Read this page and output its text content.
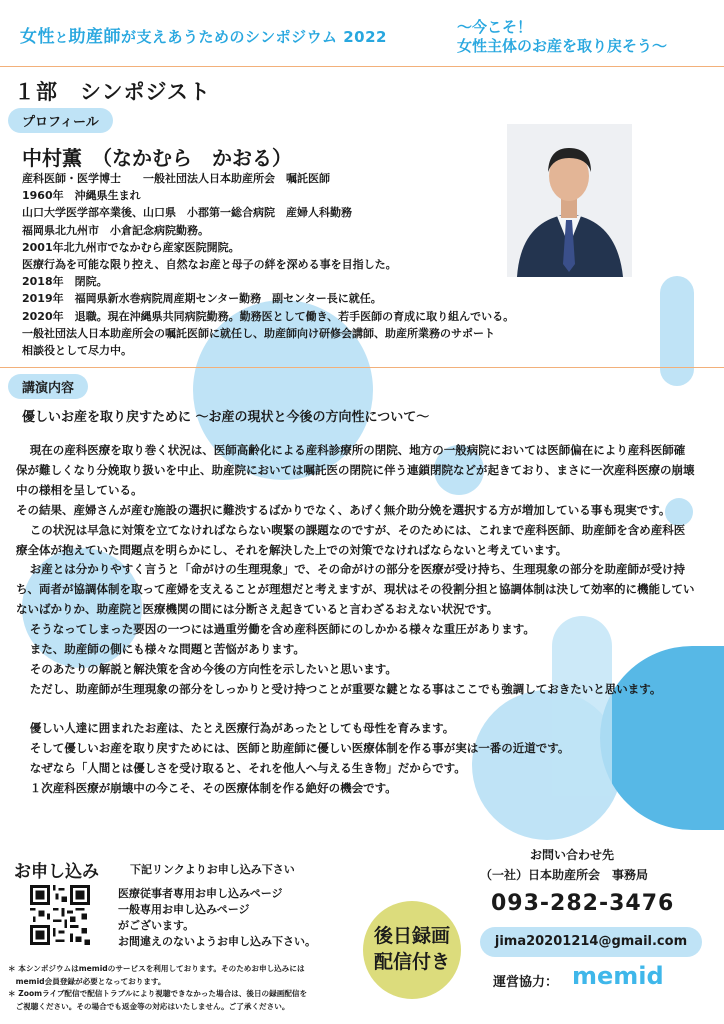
女性と助産師が支えあうためのシンポジウム 2022
～今こそ！
女性主体のお産を取り戻そう～
１部　シンポジスト
プロフィール
中村薫　（なかむら　かおる）
産科医師・医学博士　　一般社団法人日本助産所会　嘱託医師
1960年　沖縄県生まれ
山口大学医学部卒業後、山口県　小郡第一総合病院　産婦人科勤務
福岡県北九州市　小倉記念病院勤務。
2001年北九州市でなかむら産家医院開院。
医療行為を可能な限り控え、自然なお産と母子の絆を深める事を目指した。
2018年　閉院。
2019年　福岡県新水巻病院周産期センター勤務　副センター長に就任。
2020年　退職。現在沖縄県共同病院勤務。勤務医として働き、若手医師の育成に取り組んでいる。
一般社団法人日本助産所会の嘱託医師に就任し、助産師向け研修会講師、助産所業務のサポート
相談役として尽力中。
講演内容
優しいお産を取り戻すために ～お産の現状と今後の方向性について～

現在の産科医療を取り巻く状況は、医師高齢化による産科診療所の閉院、地方の一般病院においては医師偏在により産科医師確保が難しくなり分娩取り扱いを中止、助産院においては嘱託医の閉院に伴う連鎖閉院などが起きており、まさに一次産科医療の崩壊中の様相を呈している。

その結果、産婦さんが産む施設の選択に難渋するばかりでなく、あげく無介助分娩を選択する方が増加している事も現実です。

この状況は早急に対策を立てなければならない喫緊の課題なのですが、そのためには、これまで産科医師、助産師を含め産科医療全体が抱えていた問題点を明らかにし、それを解決した上での対策でなければならないと考えています。

お産とは分かりやすく言うと「命がけの生理現象」で、その命がけの部分を医療が受け持ち、生理現象の部分を助産師が受け持ち、両者が協調体制を取って産婦を支えることが理想だと考えますが、現状はその役割分担と協調体制は決して効率的に機能していないばかりか、助産院と医療機関の間には分断さえ起きていると言わざるおえない状況です。

そうなってしまった要因の一つには過重労働を含め産科医師にのしかかる様々な重圧があります。

また、助産師の側にも様々な問題と苦悩があります。

そのあたりの解説と解決策を含め今後の方向性を示したいと思います。

ただし、助産師が生理現象の部分をしっかりと受け持つことが重要な鍵となる事はここでも強調しておきたいと思います。

優しい人達に囲まれたお産は、たとえ医療行為があったとしても母性を育みます。

そして優しいお産を取り戻すためには、医師と助産師に優しい医療体制を作る事が実は一番の近道です。

なぜなら「人間とは優しさを受け取ると、それを他人へ与える生き物」だからです。

１次産科医療が崩壊中の今こそ、その医療体制を作る絶好の機会です。

お申し込み	下記リンクよりお申し込み下さい
医療従事者専用お申し込みページ
一般専用お申し込みページ
がございます。
お間違えのないようお申し込み下さい。	後日録画
配信付き
お問い合わせ先
（一社）日本助産所会　事務局
093-282-3476
jima20201214@gmail.com
運営協力： memid
＊ 本シンポジウムはmemidのサービスを利用しております。そのためお申し込みには
　memid会員登録が必要となっております。
＊ Zoomライブ配信で配信トラブルにより視聴できなかった場合は、後日の録画配信を
　ご視聴ください。その場合でも返金等の対応はいたしません。ご了承ください。
